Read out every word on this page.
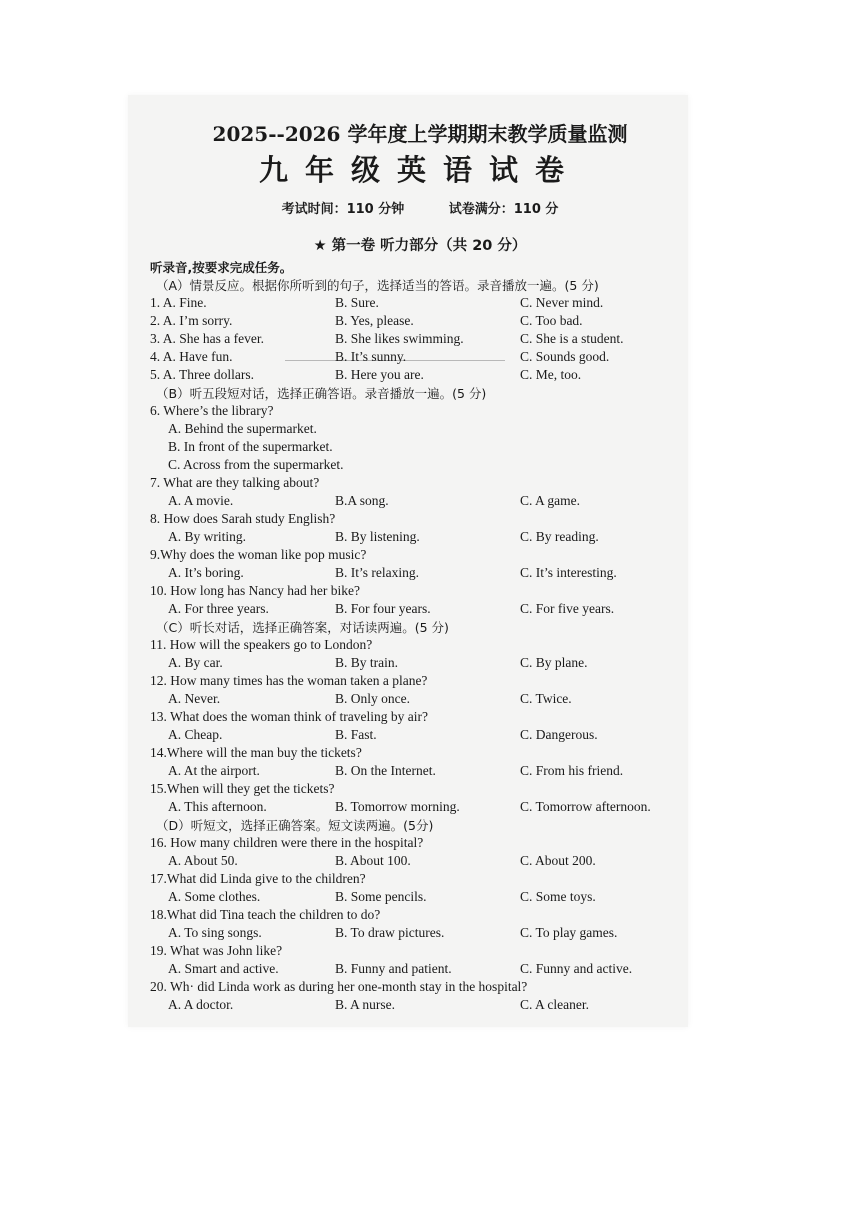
2025--2026 学年度上学期期末教学质量监测
九年级英语试卷
考试时间：110 分钟	试卷满分：110 分
★ 第一卷 听力部分（共 20 分）
听录音,按要求完成任务。
（A）情景反应。根据你所听到的句子，选择适当的答语。录音播放一遍。(5 分)
1. A. Fine.	B. Sure.	C. Never mind.
2. A. I’m sorry.	B. Yes, please.	C. Too bad.
3. A. She has a fever.	B. She likes swimming.	C. She is a student.
4. A. Have fun.	B. It’s sunny.	C. Sounds good.
5. A. Three dollars.	B. Here you are.	C. Me, too.
（B）听五段短对话，选择正确答语。录音播放一遍。(5 分)
6. Where’s the library?
A. Behind the supermarket.
B. In front of the supermarket.
C. Across from the supermarket.
7. What are they talking about?
A. A movie.	B.A song.	C. A game.
8. How does Sarah study English?
A. By writing.	B. By listening.	C. By reading.
9.Why does the woman like pop music?
A. It’s boring.	B. It’s relaxing.	C. It’s interesting.
10. How long has Nancy had her bike?
A. For three years.	B. For four years.	C. For five years.
（C）听长对话，选择正确答案，对话读两遍。(5 分)
11. How will the speakers go to London?
A. By car.	B. By train.	C. By plane.
12. How many times has the woman taken a plane?
A. Never.	B. Only once.	C. Twice.
13. What does the woman think of traveling by air?
A. Cheap.	B. Fast.	C. Dangerous.
14.Where will the man buy the tickets?
A. At the airport.	B. On the Internet.	C. From his friend.
15.When will they get the tickets?
A. This afternoon.	B. Tomorrow morning.	C. Tomorrow afternoon.
（D）听短文，选择正确答案。短文读两遍。(5分)
16. How many children were there in the hospital?
A. About 50.	B. About 100.	C. About 200.
17.What did Linda give to the children?
A. Some clothes.	B. Some pencils.	C. Some toys.
18.What did Tina teach the children to do?
A. To sing songs.	B. To draw pictures.	C. To play games.
19. What was John like?
A. Smart and active.	B. Funny and patient.	C. Funny and active.
20. Wh· did Linda work as during her one-month stay in the hospital?
A. A doctor.	B. A nurse.	C. A cleaner.
